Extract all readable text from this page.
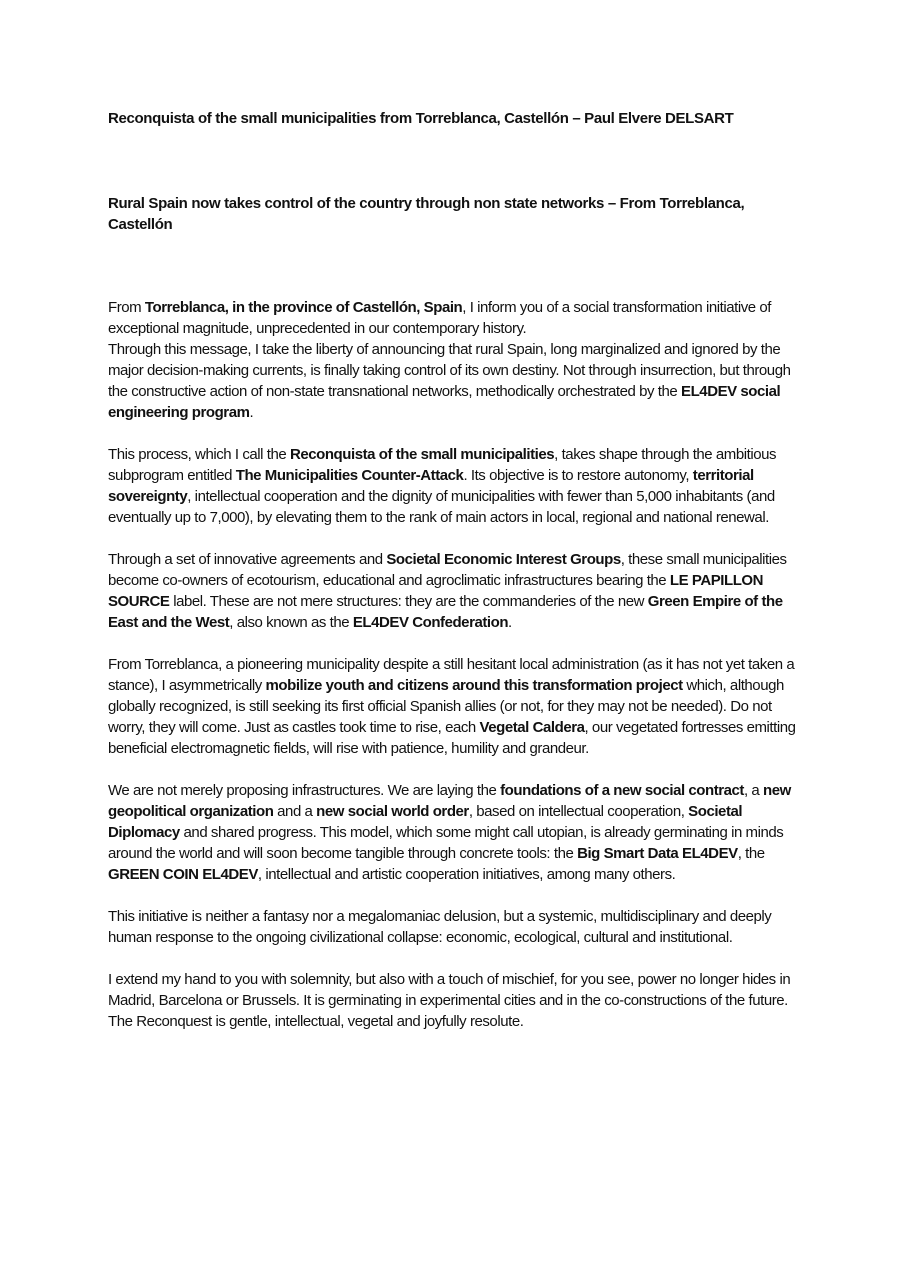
Reconquista of the small municipalities from Torreblanca, Castellón – Paul Elvere DELSART
Rural Spain now takes control of the country through non state networks – From Torreblanca, Castellón

From Torreblanca, in the province of Castellón, Spain, I inform you of a social transformation initiative of exceptional magnitude, unprecedented in our contemporary history.

Through this message, I take the liberty of announcing that rural Spain, long marginalized and ignored by the major decision-making currents, is finally taking control of its own destiny. Not through insurrection, but through the constructive action of non-state transnational networks, methodically orchestrated by the EL4DEV social engineering program.

This process, which I call the Reconquista of the small municipalities, takes shape through the ambitious subprogram entitled The Municipalities Counter-Attack. Its objective is to restore autonomy, territorial sovereignty, intellectual cooperation and the dignity of municipalities with fewer than 5,000 inhabitants (and eventually up to 7,000), by elevating them to the rank of main actors in local, regional and national renewal.

Through a set of innovative agreements and Societal Economic Interest Groups, these small municipalities become co-owners of ecotourism, educational and agroclimatic infrastructures bearing the LE PAPILLON SOURCE label. These are not mere structures: they are the commanderies of the new Green Empire of the East and the West, also known as the EL4DEV Confederation.

From Torreblanca, a pioneering municipality despite a still hesitant local administration (as it has not yet taken a stance), I asymmetrically mobilize youth and citizens around this transformation project which, although globally recognized, is still seeking its first official Spanish allies (or not, for they may not be needed). Do not worry, they will come. Just as castles took time to rise, each Vegetal Caldera, our vegetated fortresses emitting beneficial electromagnetic fields, will rise with patience, humility and grandeur.

We are not merely proposing infrastructures. We are laying the foundations of a new social contract, a new geopolitical organization and a new social world order, based on intellectual cooperation, Societal Diplomacy and shared progress. This model, which some might call utopian, is already germinating in minds around the world and will soon become tangible through concrete tools: the Big Smart Data EL4DEV, the GREEN COIN EL4DEV, intellectual and artistic cooperation initiatives, among many others.

This initiative is neither a fantasy nor a megalomaniac delusion, but a systemic, multidisciplinary and deeply human response to the ongoing civilizational collapse: economic, ecological, cultural and institutional.

I extend my hand to you with solemnity, but also with a touch of mischief, for you see, power no longer hides in Madrid, Barcelona or Brussels. It is germinating in experimental cities and in the co-constructions of the future. The Reconquest is gentle, intellectual, vegetal and joyfully resolute.
